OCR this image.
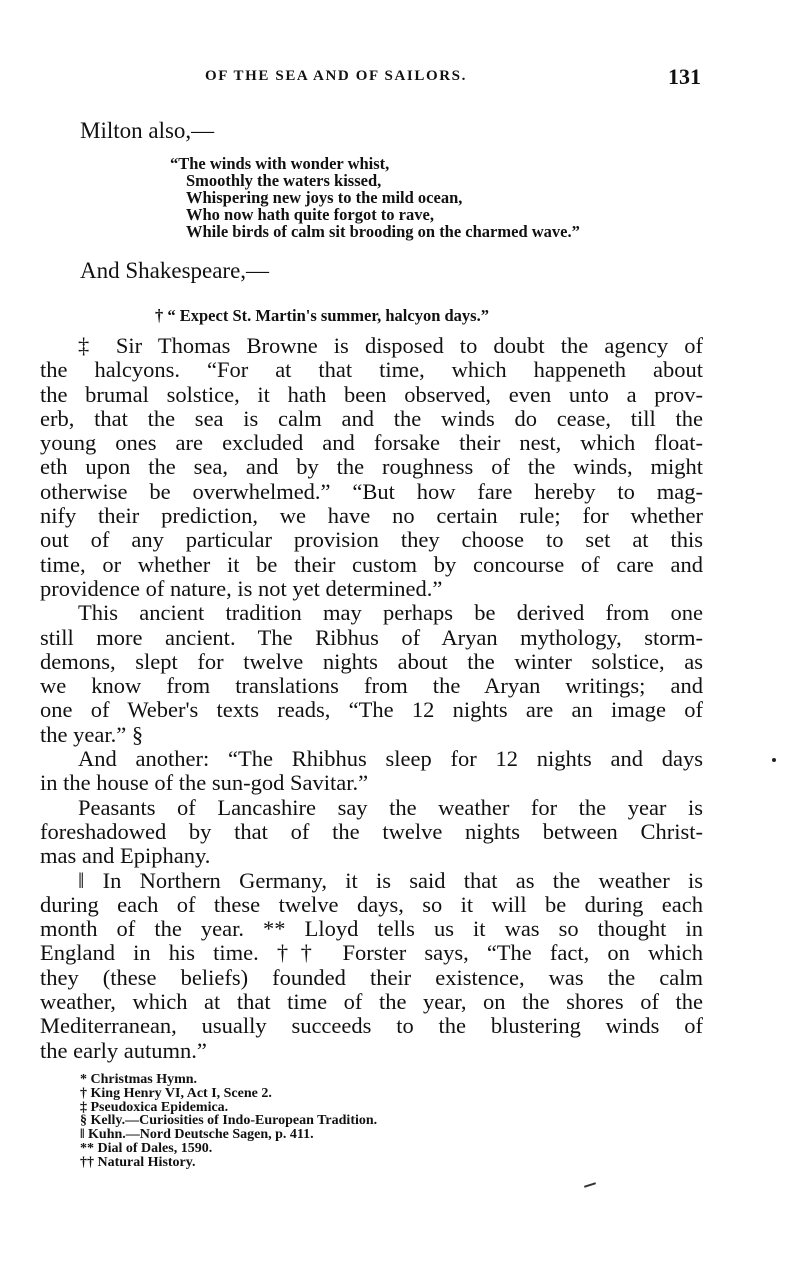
OF THE SEA AND OF SAILORS.	131
Milton also,—
“The winds with wonder whist,
Smoothly the waters kissed,
Whispering new joys to the mild ocean,
Who now hath quite forgot to rave,
While birds of calm sit brooding on the charmed wave.”
And Shakespeare,—
† “ Expect St. Martin's summer, halcyon days.”
‡ Sir Thomas Browne is disposed to doubt the agency of
the halcyons. “For at that time, which happeneth about
the brumal solstice, it hath been observed, even unto a prov-
erb, that the sea is calm and the winds do cease, till the
young ones are excluded and forsake their nest, which float-
eth upon the sea, and by the roughness of the winds, might
otherwise be overwhelmed.” “But how fare hereby to mag-
nify their prediction, we have no certain rule; for whether
out of any particular provision they choose to set at this
time, or whether it be their custom by concourse of care and
providence of nature, is not yet determined.”
This ancient tradition may perhaps be derived from one
still more ancient. The Ribhus of Aryan mythology, storm-
demons, slept for twelve nights about the winter solstice, as
we know from translations from the Aryan writings; and
one of Weber's texts reads, “The 12 nights are an image of
the year.” §
And another: “The Rhibhus sleep for 12 nights and days
in the house of the sun-god Savitar.”
Peasants of Lancashire say the weather for the year is
foreshadowed by that of the twelve nights between Christ-
mas and Epiphany.
‖ In Northern Germany, it is said that as the weather is
during each of these twelve days, so it will be during each
month of the year. ** Lloyd tells us it was so thought in
England in his time. †† Forster says, “The fact, on which
they (these beliefs) founded their existence, was the calm
weather, which at that time of the year, on the shores of the
Mediterranean, usually succeeds to the blustering winds of
the early autumn.”
* Christmas Hymn.
† King Henry VI, Act I, Scene 2.
‡ Pseudoxica Epidemica.
§ Kelly.—Curiosities of Indo-European Tradition.
‖ Kuhn.—Nord Deutsche Sagen, p. 411.
** Dial of Dales, 1590.
†† Natural History.
